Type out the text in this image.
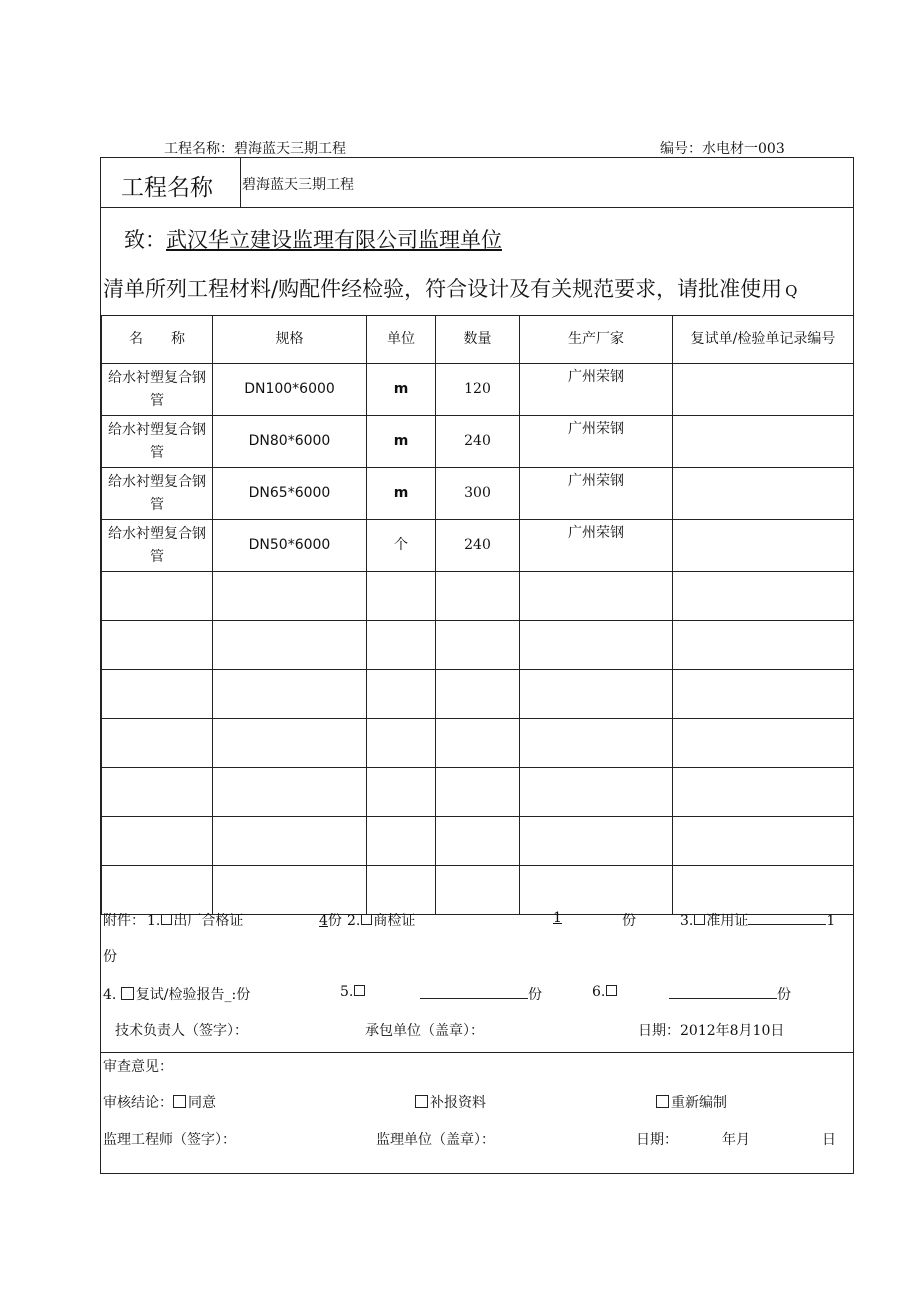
工程名称：碧海蓝天三期工程	编号：水电材一003
工程名称 碧海蓝天三期工程
致：武汉华立建设监理有限公司监理单位
清单所列工程材料/购配件经检验，符合设计及有关规范要求，请批准使用 Q
名　　称	规格	单位	数量	生产厂家	复试单/检验单记录编号
给水衬塑复合钢管	DN100*6000	m	120	广州荣钢	
给水衬塑复合钢管	DN80*6000	m	240	广州荣钢	
给水衬塑复合钢管	DN65*6000	m	300	广州荣钢	
给水衬塑复合钢管	DN50*6000	个	240	广州荣钢	

附件： 1. 出厂合格证	4份 2. 商检证	1	份	3. 准用证	1
份
4. 复试/检验报告_:份	5.	份	6.	份
技术负责人（签字）：	承包单位（盖章）：	日期：2012年8月10日
审查意见：
审核结论： 同意	补报资料	重新编制
监理工程师（签字）：	监理单位（盖章）：	日期：	年月	日
